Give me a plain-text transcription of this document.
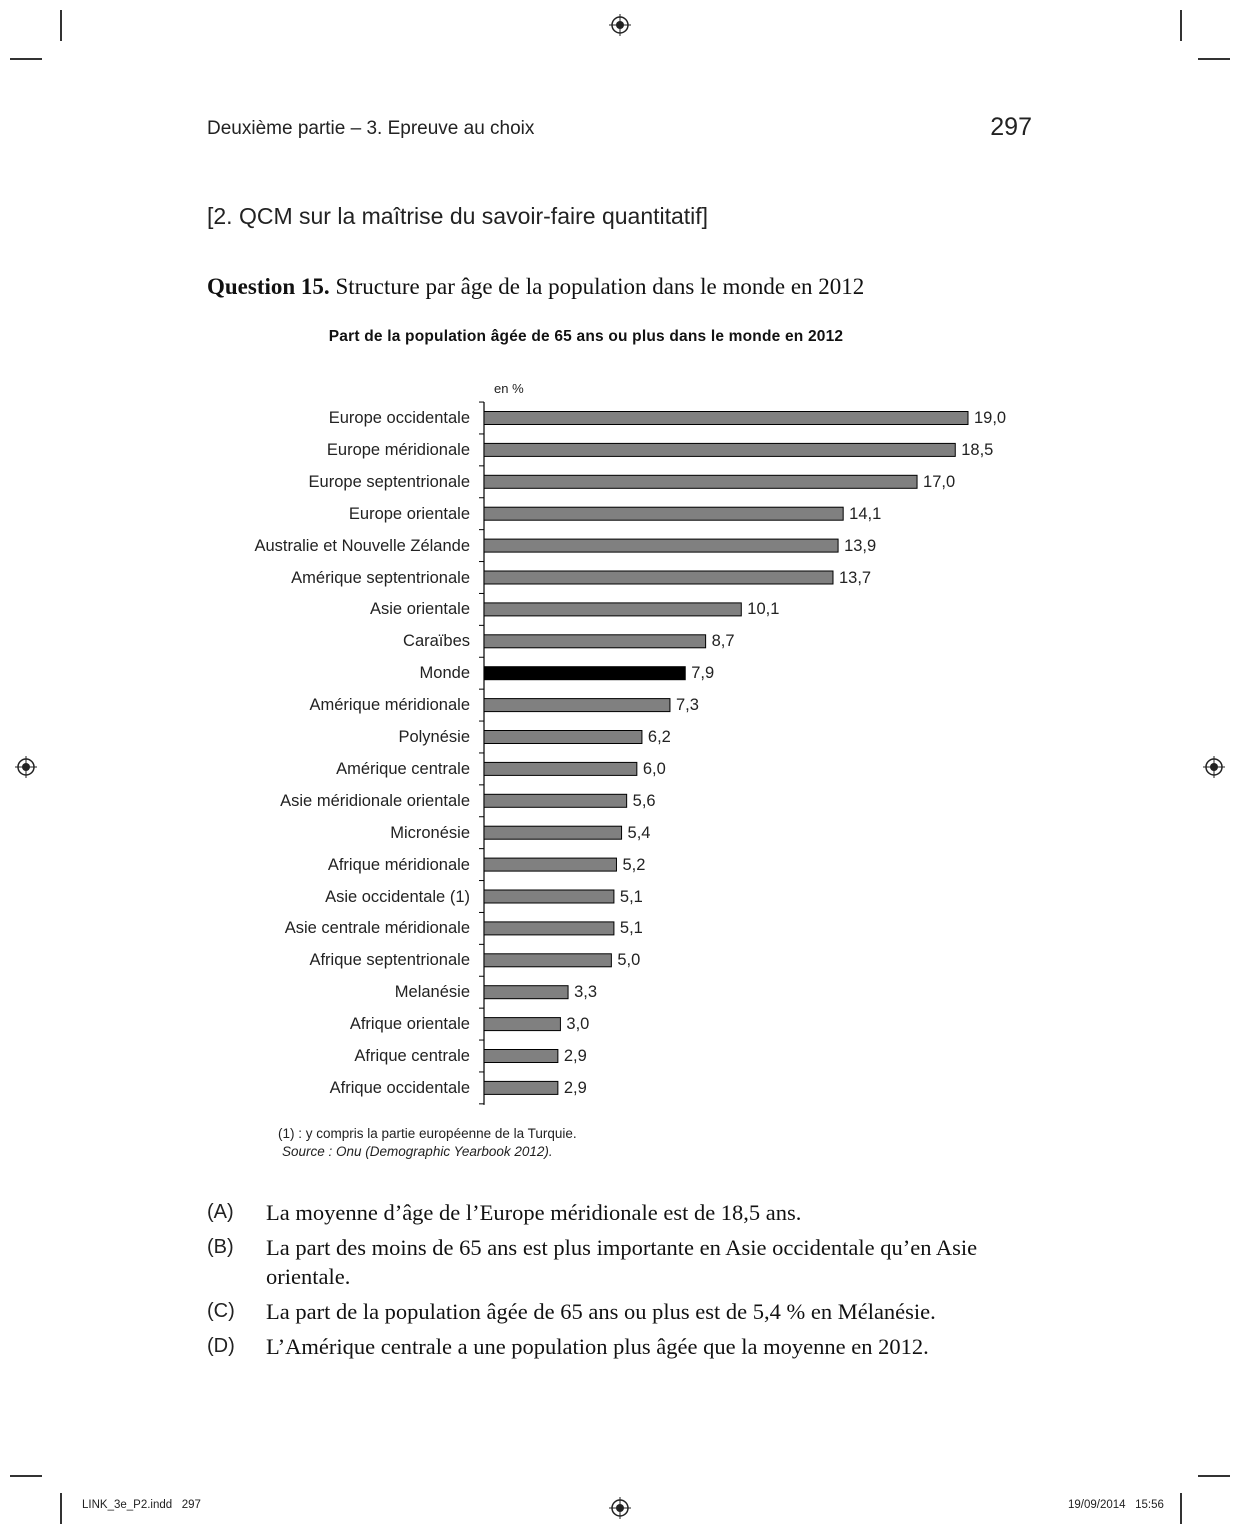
Deuxième partie – 3. Epreuve au choix	297
[2. QCM sur la maîtrise du savoir-faire quantitatif]
Question 15. Structure par âge de la population dans le monde en 2012
Part de la population âgée de 65 ans ou plus dans le monde en 2012
en %
Europe occidentale
Europe méridionale
Europe septentrionale
Europe orientale
Australie et Nouvelle Zélande
Amérique septentrionale
Asie orientale
Caraïbes
Monde
Amérique méridionale
Polynésie
Amérique centrale
Asie méridionale orientale
Micronésie
Afrique méridionale
Asie occidentale (1)
Asie centrale méridionale
Afrique septentrionale
Melanésie
Afrique orientale
Afrique centrale
Afrique occidentale
19,0
18,5
17,0
14,1
13,9
13,7
10,1
8,7
7,9
7,3
6,2
6,0
5,6
5,4
5,2
5,1
5,1
5,0
3,3
3,0
2,9
2,9
(1) : y compris la partie européenne de la Turquie.
Source : Onu (Demographic Yearbook 2012).
(A)	La moyenne d’âge de l’Europe méridionale est de 18,5 ans.
(B)	La part des moins de 65 ans est plus importante en Asie occidentale qu’en Asie orientale.
(C)	La part de la population âgée de 65 ans ou plus est de 5,4 % en Mélanésie.
(D)	L’Amérique centrale a une population plus âgée que la moyenne en 2012.
LINK_3e_P2.indd   297	19/09/2014   15:56
